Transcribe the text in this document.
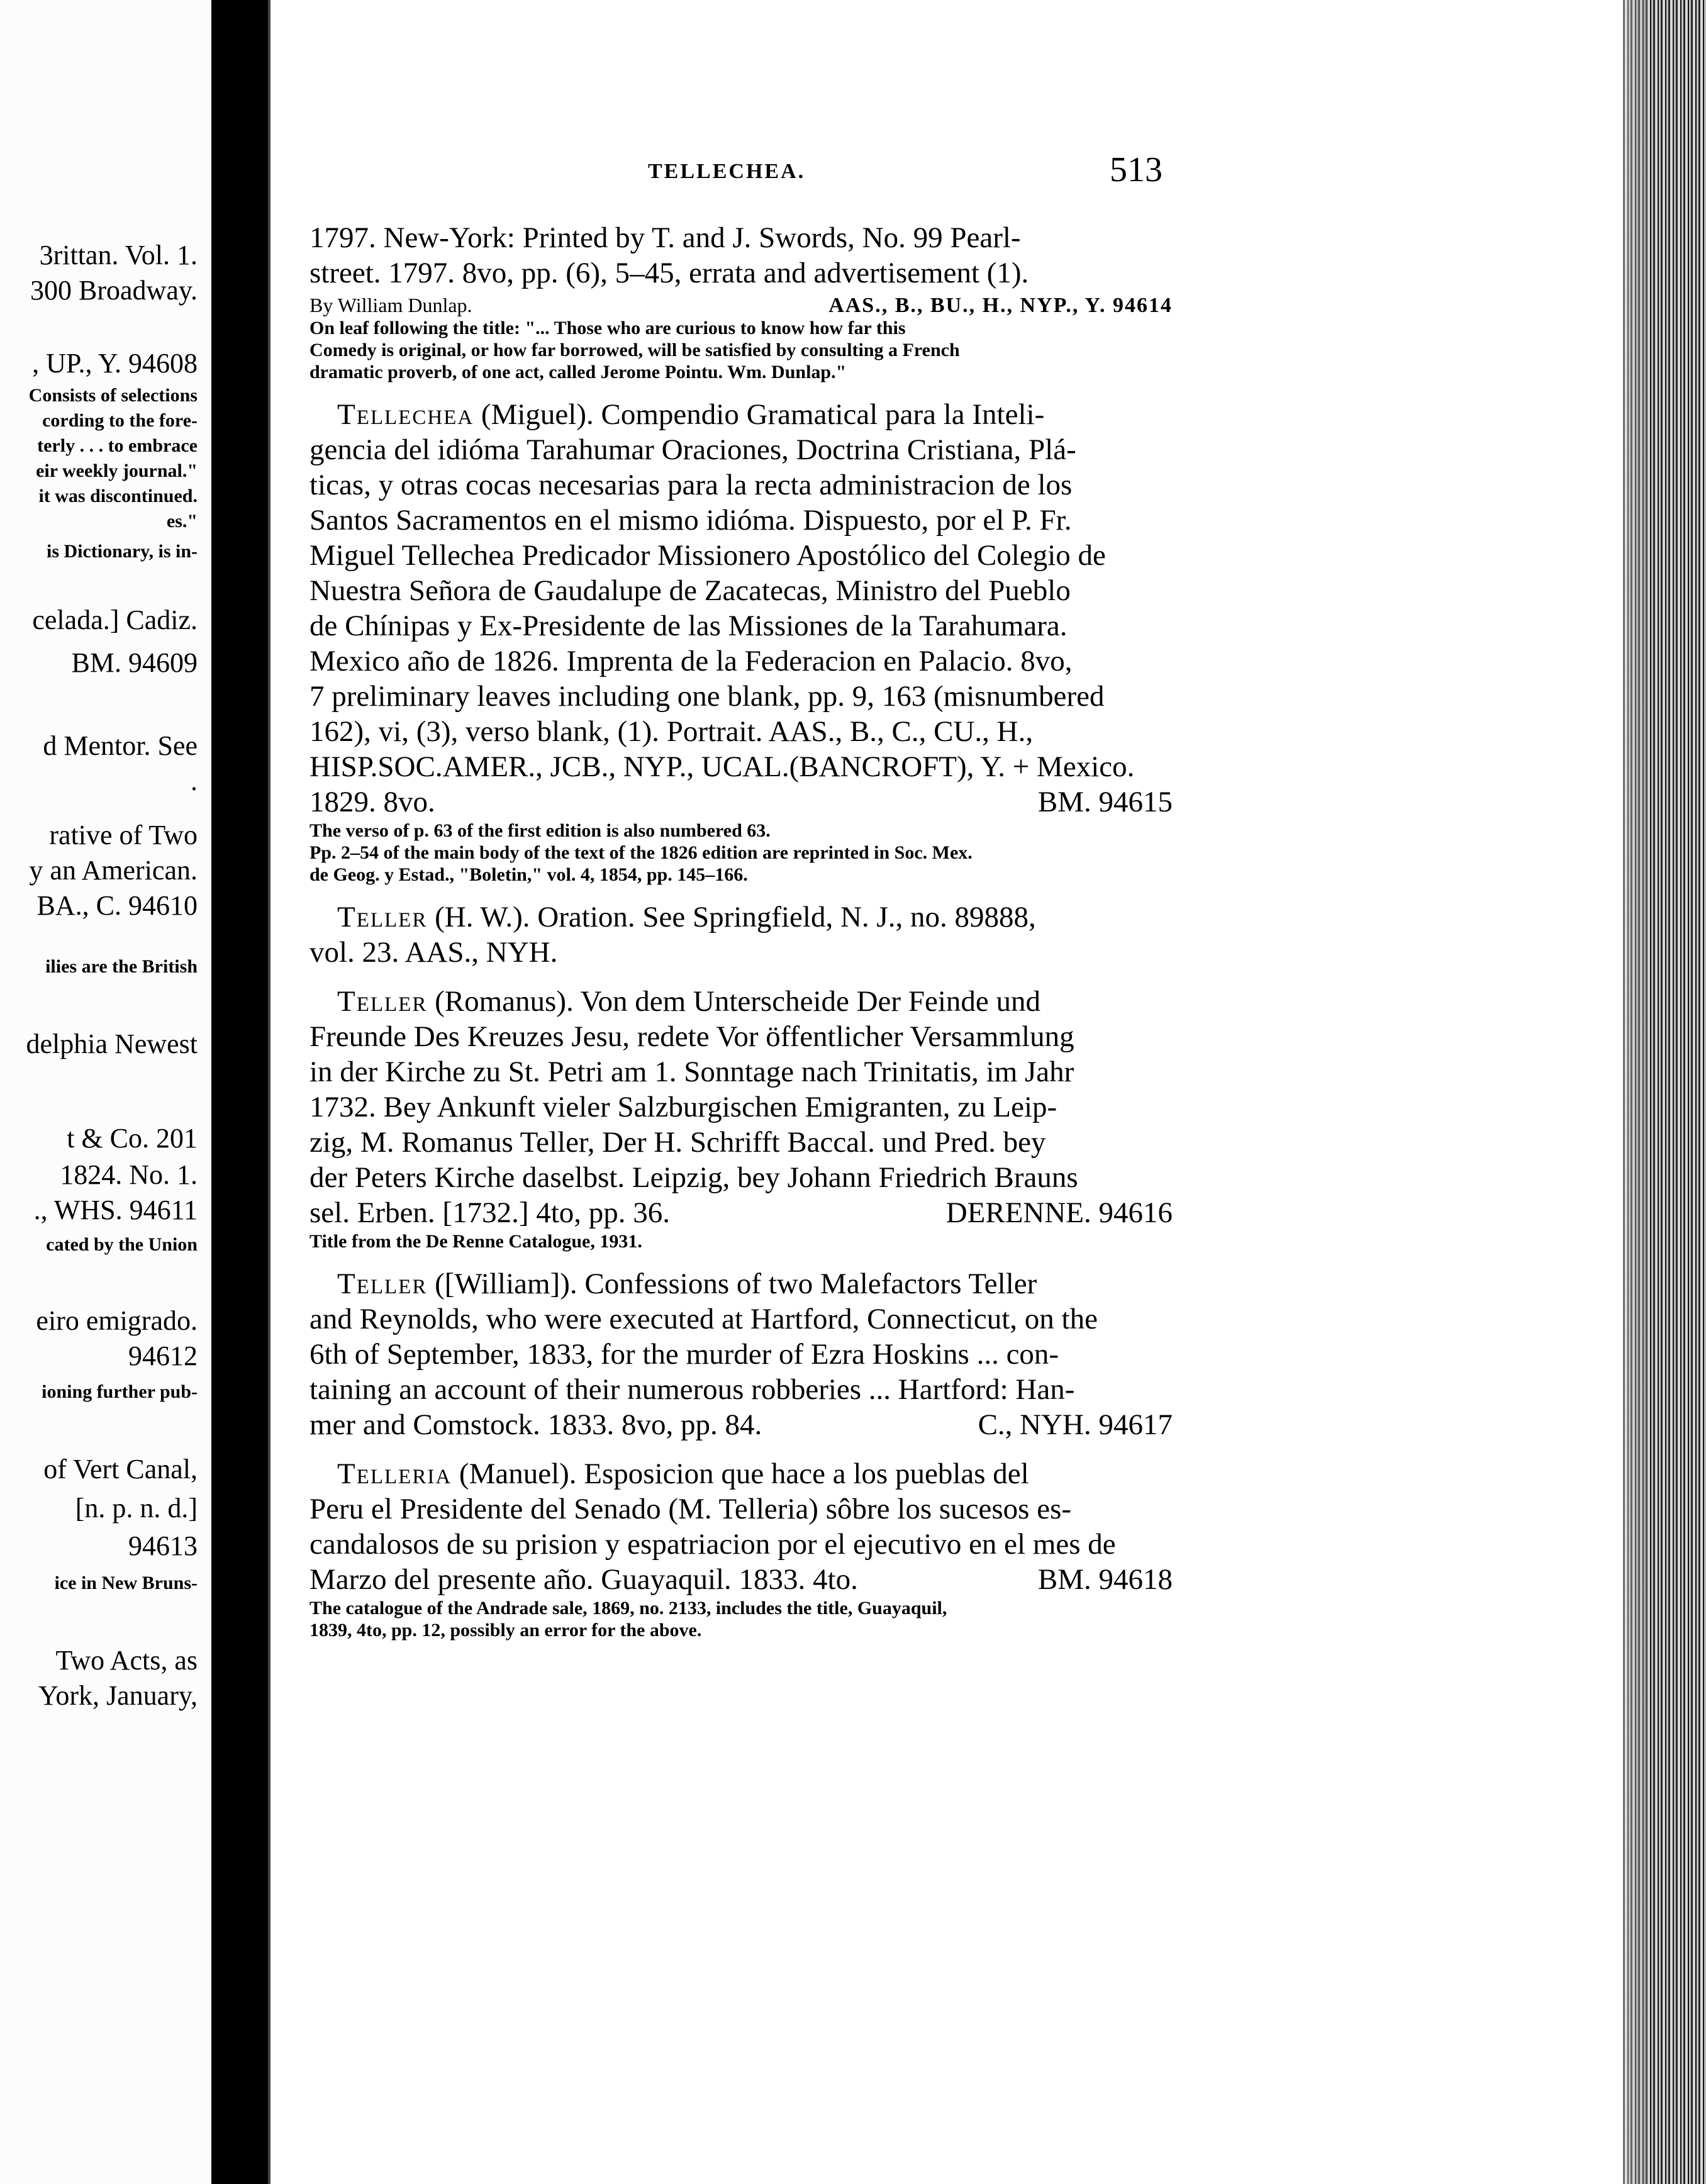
3rittan. Vol. 1.
300 Broadway.
, UP., Y. 94608
Consists of selections
cording to the fore-
terly . . . to embrace
eir weekly journal."
it was discontinued.
es."
is Dictionary, is in-
celada.] Cadiz.
BM. 94609
d Mentor. See
.
rative of Two
y an American.
BA., C. 94610
ilies are the British
delphia Newest
t & Co. 201
1824. No. 1.
., WHS. 94611
cated by the Union
eiro emigrado.
94612
ioning further pub-
of Vert Canal,
[n. p. n. d.]
94613
ice in New Bruns-
Two Acts, as
York, January,
TELLECHEA.	513
1797. New-York: Printed by T. and J. Swords, No. 99 Pearl-
street. 1797. 8vo, pp. (6), 5–45, errata and advertisement (1).
By William Dunlap.	AAS., B., BU., H., NYP., Y. 94614
On leaf following the title: "... Those who are curious to know how far this
Comedy is original, or how far borrowed, will be satisfied by consulting a French
dramatic proverb, of one act, called Jerome Pointu. Wm. Dunlap."
Tellechea (Miguel). Compendio Gramatical para la Inteli-
gencia del idióma Tarahumar Oraciones, Doctrina Cristiana, Plá-
ticas, y otras cocas necesarias para la recta administracion de los
Santos Sacramentos en el mismo idióma. Dispuesto, por el P. Fr.
Miguel Tellechea Predicador Missionero Apostólico del Colegio de
Nuestra Señora de Gaudalupe de Zacatecas, Ministro del Pueblo
de Chínipas y Ex-Presidente de las Missiones de la Tarahumara.
Mexico año de 1826. Imprenta de la Federacion en Palacio. 8vo,
7 preliminary leaves including one blank, pp. 9, 163 (misnumbered
162), vi, (3), verso blank, (1). Portrait. AAS., B., C., CU., H.,
HISP.SOC.AMER., JCB., NYP., UCAL.(BANCROFT), Y. + Mexico.
1829. 8vo.	BM. 94615
The verso of p. 63 of the first edition is also numbered 63.
Pp. 2–54 of the main body of the text of the 1826 edition are reprinted in Soc. Mex.
de Geog. y Estad., "Boletin," vol. 4, 1854, pp. 145–166.
Teller (H. W.). Oration. See Springfield, N. J., no. 89888,
vol. 23. AAS., NYH.
Teller (Romanus). Von dem Unterscheide Der Feinde und
Freunde Des Kreuzes Jesu, redete Vor öffentlicher Versammlung
in der Kirche zu St. Petri am 1. Sonntage nach Trinitatis, im Jahr
1732. Bey Ankunft vieler Salzburgischen Emigranten, zu Leip-
zig, M. Romanus Teller, Der H. Schrifft Baccal. und Pred. bey
der Peters Kirche daselbst. Leipzig, bey Johann Friedrich Brauns
sel. Erben. [1732.] 4to, pp. 36.	DERENNE. 94616
Title from the De Renne Catalogue, 1931.
Teller ([William]). Confessions of two Malefactors Teller
and Reynolds, who were executed at Hartford, Connecticut, on the
6th of September, 1833, for the murder of Ezra Hoskins ... con-
taining an account of their numerous robberies ... Hartford: Han-
mer and Comstock. 1833. 8vo, pp. 84.	C., NYH. 94617
Telleria (Manuel). Esposicion que hace a los pueblas del
Peru el Presidente del Senado (M. Telleria) sôbre los sucesos es-
candalosos de su prision y espatriacion por el ejecutivo en el mes de
Marzo del presente año. Guayaquil. 1833. 4to.	BM. 94618
The catalogue of the Andrade sale, 1869, no. 2133, includes the title, Guayaquil,
1839, 4to, pp. 12, possibly an error for the above.
